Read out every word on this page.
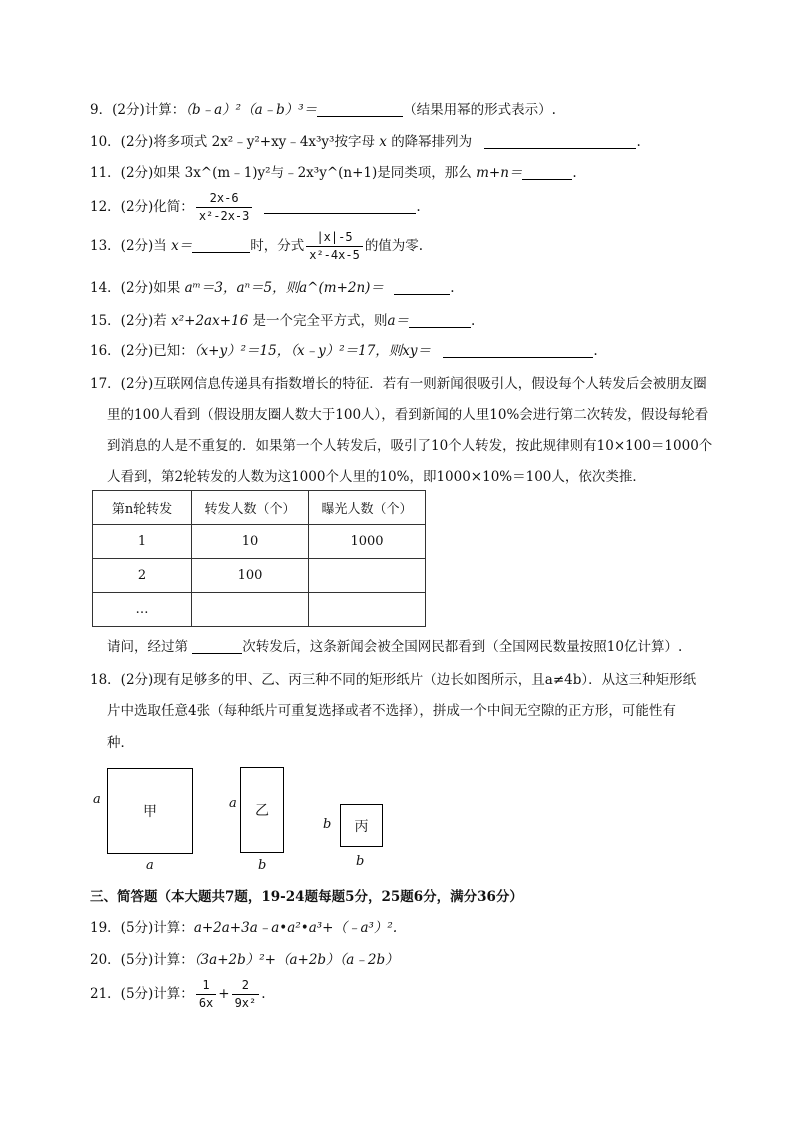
9．(2分)计算：（b﹣a）²（a﹣b）³＝	（结果用幂的形式表示）.
10．(2分)将多项式 2x²﹣y²+xy﹣4x³y³按字母 x 的降幂排列为	.
11．(2分)如果 3x^(m﹣1)y²与﹣2x³y^(n+1)是同类项，那么 m+n＝	.
12．(2分)化简： $\frac{2x-6}{\text{x²-2x-3}}$	.
13．(2分)当 x＝	时，分式 $\frac{|x|-5}{\text{x²-4x-5}}$ 的值为零.
14．(2分)如果 aᵐ＝3，aⁿ＝5，则a^(m+2n)＝	.
15．(2分)若 x²+2ax+16 是一个完全平方式，则a＝	.
16．(2分)已知：（x+y）²＝15，（x﹣y）²＝17，则xy＝	.
17．(2分)互联网信息传递具有指数增长的特征．若有一则新闻很吸引人，假设每个人转发后会被朋友圈
里的100人看到（假设朋友圈人数大于100人），看到新闻的人里10%会进行第二次转发，假设每轮看
到消息的人是不重复的．如果第一个人转发后，吸引了10个人转发，按此规律则有10×100＝1000个
人看到，第2轮转发的人数为这1000个人里的10%，即1000×10%＝100人，依次类推．
第n轮转发	转发人数（个）	曝光人数（个）
1	10	1000
2	100	
…		
请问，经过第	次转发后，这条新闻会被全国网民都看到（全国网民数量按照10亿计算）.
18．(2分)现有足够多的甲、乙、丙三种不同的矩形纸片（边长如图所示，且a≠4b）．从这三种矩形纸
片中选取任意4张（每种纸片可重复选择或者不选择），拼成一个中间无空隙的正方形，可能性有
种．
甲
a
a
乙
a
b
丙
b
b
三、简答题（本大题共7题，19-24题每题5分，25题6分，满分36分）
19．(5分)计算：a+2a+3a﹣a•a²•a³+（﹣a³）².
20．(5分)计算：（3a+2b）²+（a+2b）（a﹣2b）
21．(5分)计算： $\frac{1}{6x} + \frac{2}{\text{9x²}}$ .
